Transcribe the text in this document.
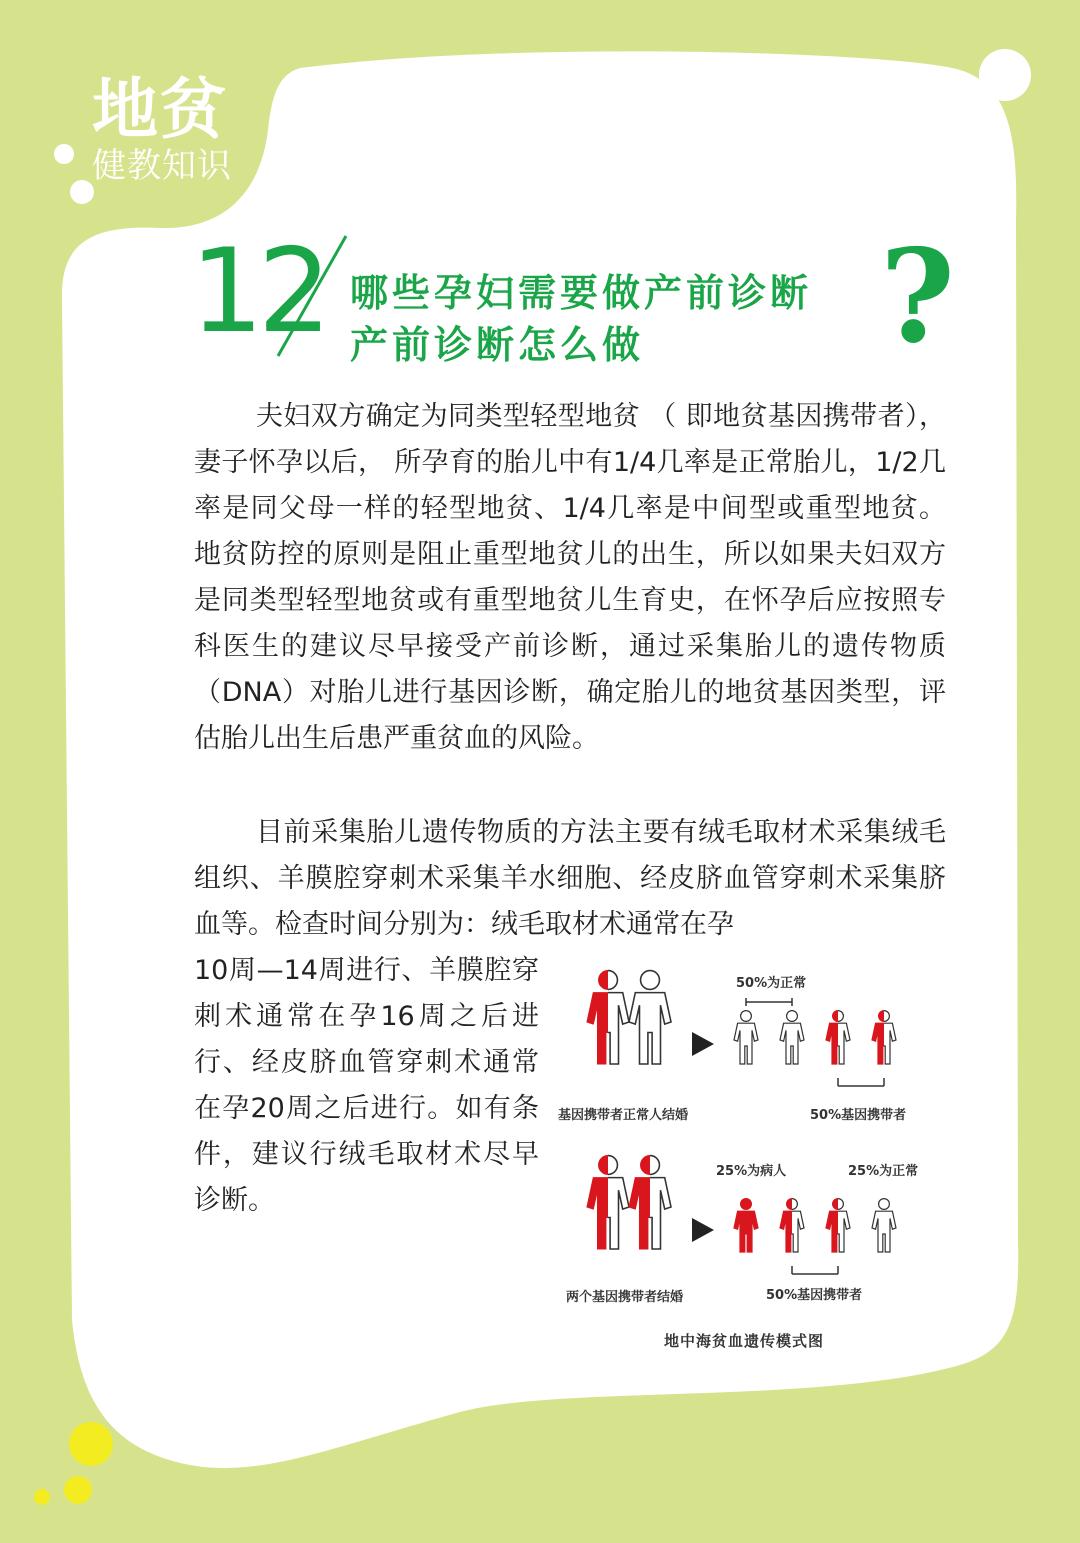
地贫
健教知识
12 哪些孕妇需要做产前诊断
产前诊断怎么做 ?

夫妇双方确定为同类型轻型地贫 （ 即地贫基因携带者），妻子怀孕以后， 所孕育的胎儿中有1/4几率是正常胎儿，1/2几率是同父母一样的轻型地贫、1/4几率是中间型或重型地贫。 地贫防控的原则是阻止重型地贫儿的出生，所以如果夫妇双方是同类型轻型地贫或有重型地贫儿生育史，在怀孕后应按照专科医生的建议尽早接受产前诊断，通过采集胎儿的遗传物质（DNA）对胎儿进行基因诊断，确定胎儿的地贫基因类型，评估胎儿出生后患严重贫血的风险。

目前采集胎儿遗传物质的方法主要有绒毛取材术采集绒毛组织、羊膜腔穿刺术采集羊水细胞、经皮脐血管穿刺术采集脐血等。检查时间分别为：绒毛取材术通常在孕

10周—14周进行、羊膜腔穿刺术通常在孕16周之后进行、经皮脐血管穿刺术通常在孕20周之后进行。如有条件，建议行绒毛取材术尽早诊断。

50%为正常
基因携带者正常人结婚	50%基因携带者
25%为病人	25%为正常
两个基因携带者结婚	50%基因携带者
地中海贫血遗传模式图
